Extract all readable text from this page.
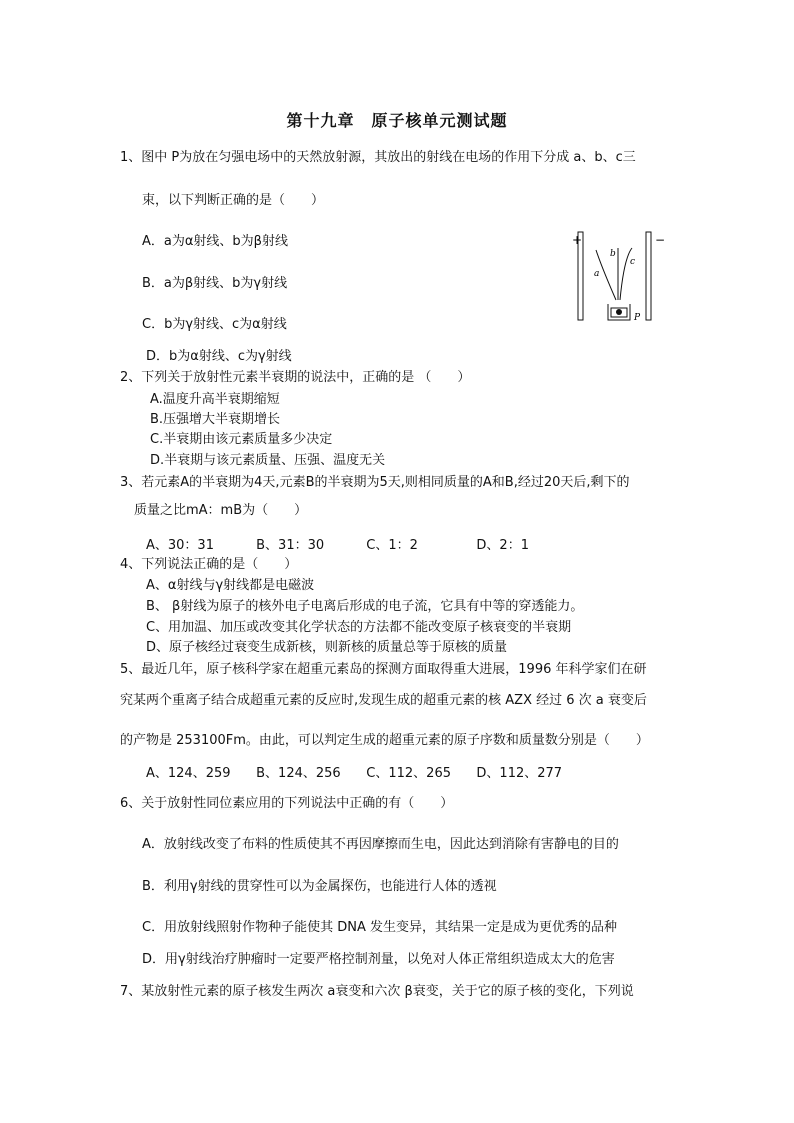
第十九章　原子核单元测试题
1、图中 P为放在匀强电场中的天然放射源，其放出的射线在电场的作用下分成 a、b、c三
束，以下判断正确的是（　　）
A．a为α射线、b为β射线
B．a为β射线、b为γ射线
C．b为γ射线、c为α射线
D．b为α射线、c为γ射线
+	−
a
b
c
P
2、下列关于放射性元素半衰期的说法中，正确的是 （　　）
A.温度升高半衰期缩短
B.压强增大半衰期增长
C.半衰期由该元素质量多少决定
D.半衰期与该元素质量、压强、温度无关
3、若元素A的半衰期为4天,元素B的半衰期为5天,则相同质量的A和B,经过20天后,剩下的
质量之比mA：mB为（　　）
A、30：31	B、31：30	C、1：2	D、2：1
4、下列说法正确的是（　　）
A、α射线与γ射线都是电磁波
B、 β射线为原子的核外电子电离后形成的电子流，它具有中等的穿透能力。
C、用加温、加压或改变其化学状态的方法都不能改变原子核衰变的半衰期
D、原子核经过衰变生成新核，则新核的质量总等于原核的质量
5、最近几年，原子核科学家在超重元素岛的探测方面取得重大进展，1996 年科学家们在研
究某两个重离子结合成超重元素的反应时,发现生成的超重元素的核 AZX 经过 6 次 a 衰变后
的产物是 253100Fm。由此，可以判定生成的超重元素的原子序数和质量数分别是（　　）
A、124、259 B、124、256 C、112、265 D、112、277
6、关于放射性同位素应用的下列说法中正确的有（　　）
A．放射线改变了布料的性质使其不再因摩擦而生电，因此达到消除有害静电的目的
B．利用γ射线的贯穿性可以为金属探伤，也能进行人体的透视
C．用放射线照射作物种子能使其 DNA 发生变异，其结果一定是成为更优秀的品种
D．用γ射线治疗肿瘤时一定要严格控制剂量，以免对人体正常组织造成太大的危害
7、某放射性元素的原子核发生两次 a衰变和六次 β衰变，关于它的原子核的变化，下列说
